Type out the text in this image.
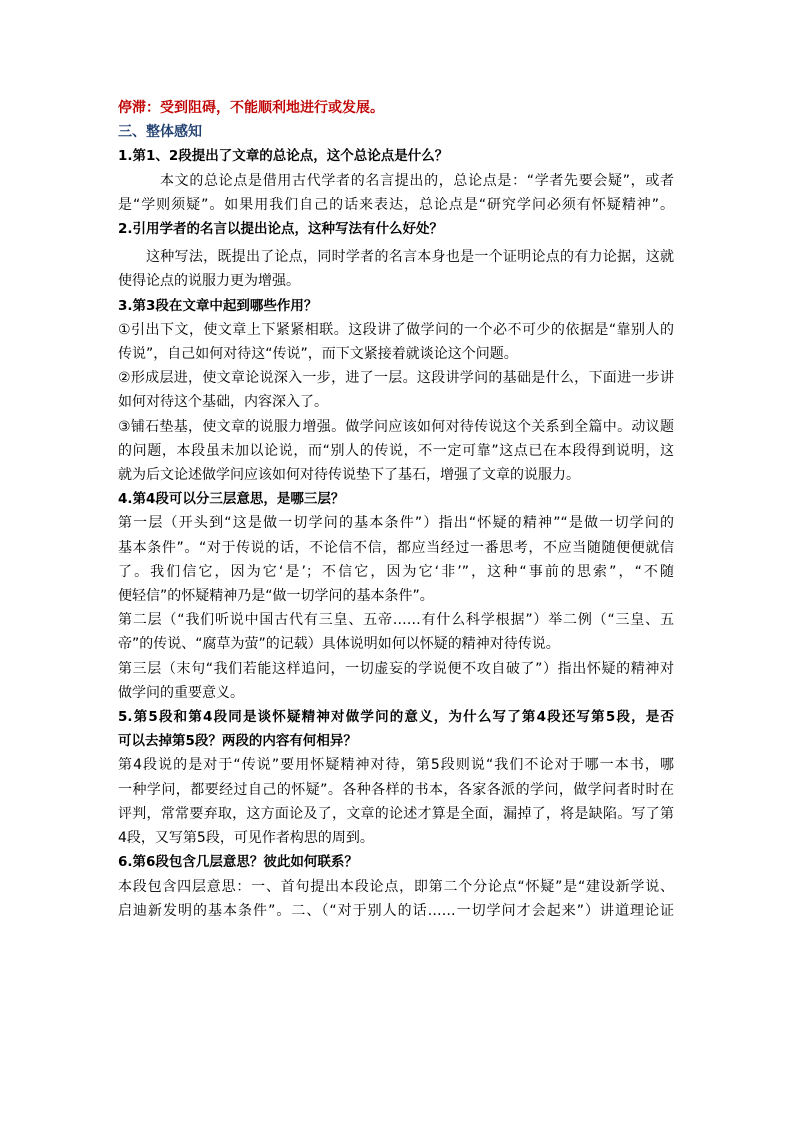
停滞：受到阻碍，不能顺利地进行或发展。
三、整体感知
1.第1、2段提出了文章的总论点，这个总论点是什么？
本文的总论点是借用古代学者的名言提出的，总论点是：“学者先要会疑”，或者
是“学则须疑”。如果用我们自己的话来表达，总论点是“研究学问必须有怀疑精神”。
2.引用学者的名言以提出论点，这种写法有什么好处？
这种写法，既提出了论点，同时学者的名言本身也是一个证明论点的有力论据，这就
使得论点的说服力更为增强。
3.第3段在文章中起到哪些作用？
①引出下文，使文章上下紧紧相联。这段讲了做学问的一个必不可少的依据是“靠别人的
传说”，自己如何对待这“传说”，而下文紧接着就谈论这个问题。
②形成层进，使文章论说深入一步，进了一层。这段讲学问的基础是什么，下面进一步讲
如何对待这个基础，内容深入了。
③铺石垫基，使文章的说服力增强。做学问应该如何对待传说这个关系到全篇中。动议题
的问题，本段虽未加以论说，而“别人的传说，不一定可靠”这点已在本段得到说明，这
就为后文论述做学问应该如何对待传说垫下了基石，增强了文章的说服力。
4.第4段可以分三层意思，是哪三层？
第一层（开头到“这是做一切学问的基本条件”）指出“怀疑的精神”“是做一切学问的
基本条件”。“对于传说的话，不论信不信，都应当经过一番思考，不应当随随便便就信
了。我们信它，因为它‘是’；不信它，因为它‘非’”，这种“事前的思索”，“不随
便轻信”的怀疑精神乃是“做一切学问的基本条件”。
第二层（“我们听说中国古代有三皇、五帝……有什么科学根据”）举二例（“三皇、五
帝”的传说、“腐草为萤”的记载）具体说明如何以怀疑的精神对待传说。
第三层（末句“我们若能这样追问，一切虚妄的学说便不攻自破了”）指出怀疑的精神对
做学问的重要意义。
5.第5段和第4段同是谈怀疑精神对做学问的意义，为什么写了第4段还写第5段，是否
可以去掉第5段？两段的内容有何相异？
第4段说的是对于“传说”要用怀疑精神对待，第5段则说“我们不论对于哪一本书，哪
一种学问，都要经过自己的怀疑”。各种各样的书本，各家各派的学问，做学问者时时在
评判，常常要弃取，这方面论及了，文章的论述才算是全面，漏掉了，将是缺陷。写了第
4段，又写第5段，可见作者构思的周到。
6.第6段包含几层意思？彼此如何联系？
本段包含四层意思：一、首句提出本段论点，即第二个分论点“怀疑”是“建设新学说、
启迪新发明的基本条件”。二、（“对于别人的话……一切学问才会起来”）讲道理论证
